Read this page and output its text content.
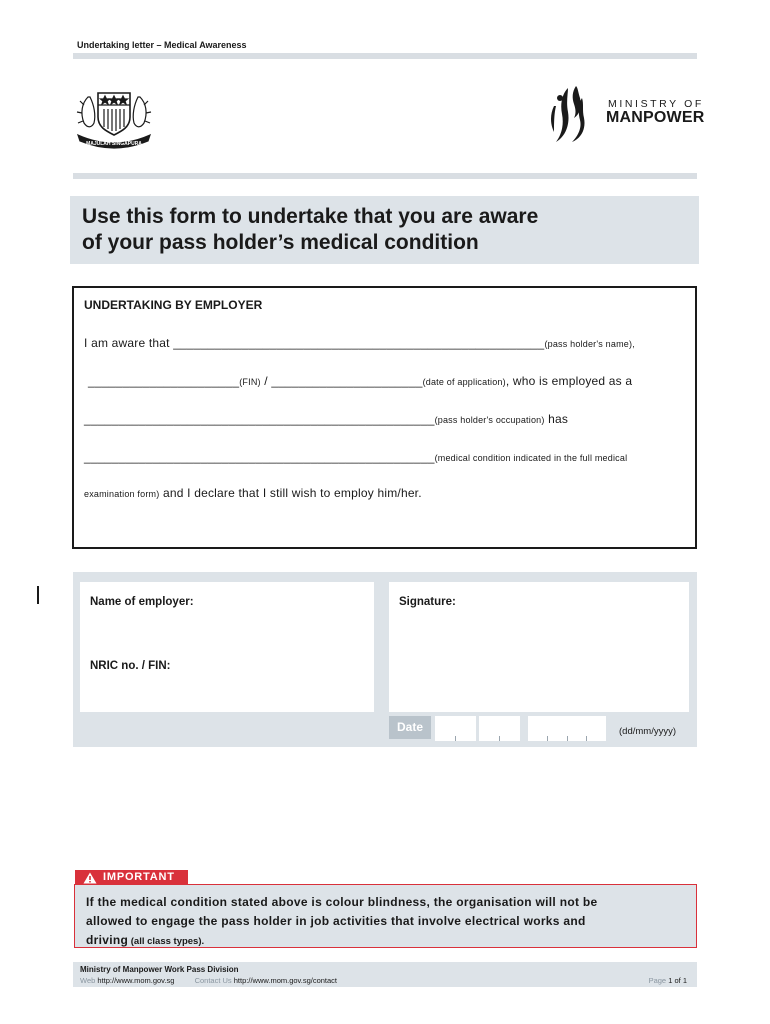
Undertaking letter – Medical Awareness
MAJULAH SINGAPURA
MINISTRY OF
MANPOWER
Use this form to undertake that you are aware
of your pass holder’s medical condition
UNDERTAKING BY EMPLOYER
I am aware that ______________________________________________________(pass holder's name),
______________________(FIN) / ______________________(date of application), who is employed as a
___________________________________________________(pass holder's occupation) has
___________________________________________________(medical condition indicated in the full medical
examination form) and I declare that I still wish to employ him/her.
Name of employer:
NRIC no. / FIN:
Signature:
Date	(dd/mm/yyyy)
IMPORTANT
If the medical condition stated above is colour blindness, the organisation will not be
allowed to engage the pass holder in job activities that involve electrical works and
driving (all class types).
Ministry of Manpower Work Pass Division
Web http://www.mom.gov.sg	Contact Us http://www.mom.gov.sg/contact	Page 1 of 1
